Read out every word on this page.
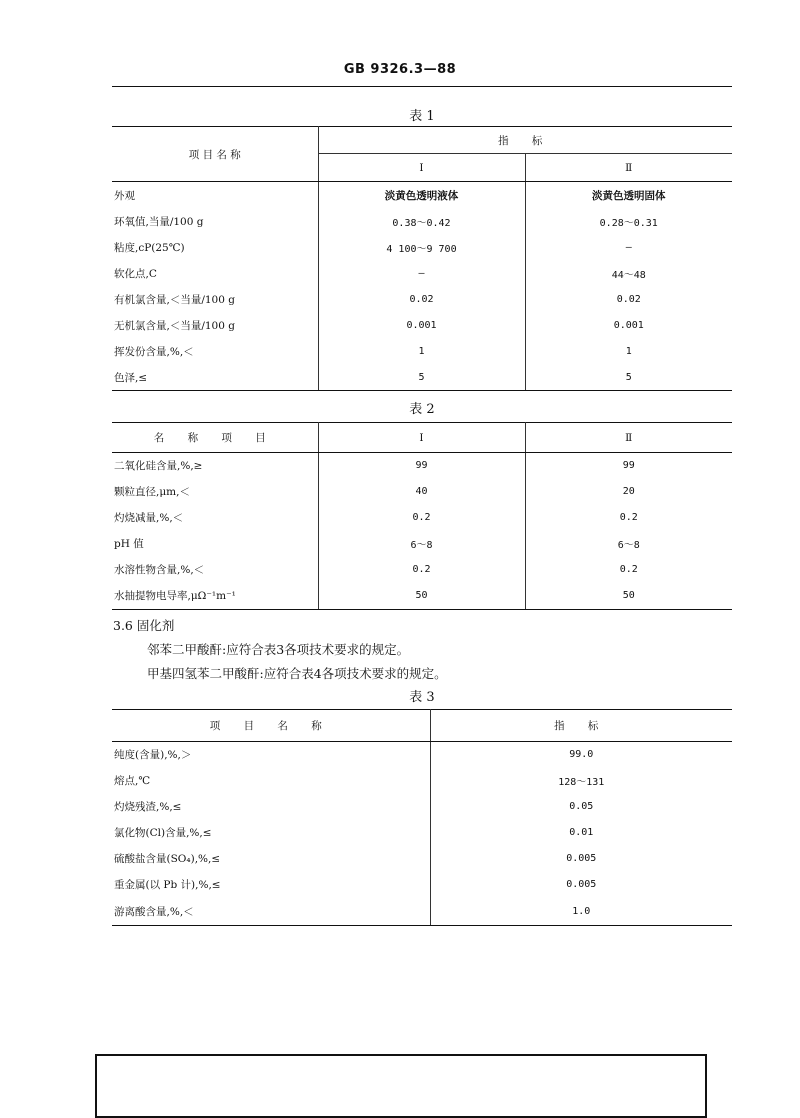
GB 9326.3—88
表 1
项 目 名 称	指 标	
	I	Ⅱ
外观	淡黄色透明液体	淡黄色透明固体
环氧值,当量/100 g	0.38～0.42	0.28～0.31
粘度,cP(25℃)	4 100～9 700	—
软化点,C	—	44～48
有机氯含量,＜当量/100 g	0.02	0.02
无机氯含量,＜当量/100 g	0.001	0.001
挥发份含量,%,＜	1	1
色泽,≤	5	5
表 2
名 称 项 目	I	Ⅱ
二氧化硅含量,%,≥	99	99
颗粒直径,μm,＜	40	20
灼烧减量,%,＜	0.2	0.2
pH 值	6～8	6～8
水溶性物含量,%,＜	0.2	0.2
水抽提物电导率,μΩ⁻¹m⁻¹	50	50
3.6 固化剂
邻苯二甲酸酐:应符合表3各项技术要求的规定。
甲基四氢苯二甲酸酐:应符合表4各项技术要求的规定。
表 3
项 目 名 称	指 标
纯度(含量),%,＞	99.0
熔点,℃	128～131
灼烧残渣,%,≤	0.05
氯化物(Cl)含量,%,≤	0.01
硫酸盐含量(SO₄),%,≤	0.005
重金属(以 Pb 计),%,≤	0.005
游离酸含量,%,＜	1.0
